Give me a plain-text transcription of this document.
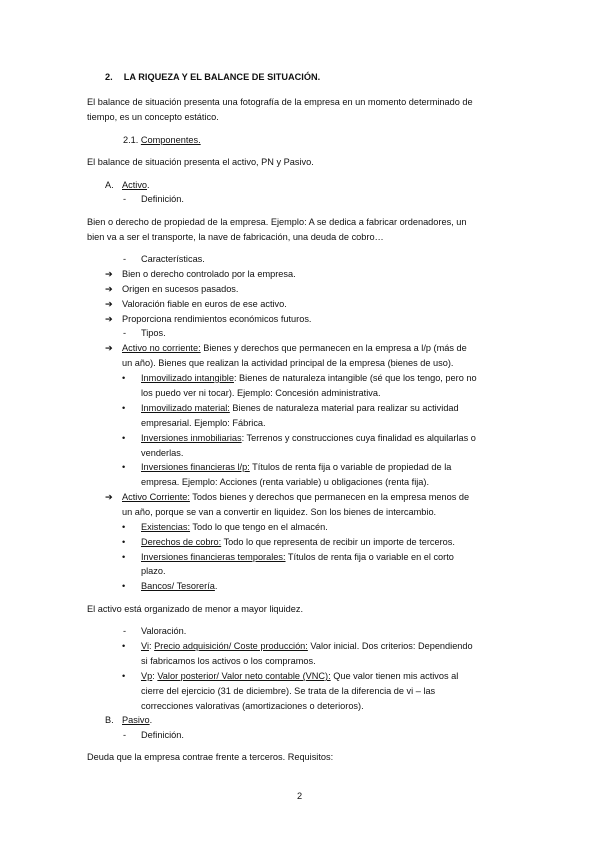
2. LA RIQUEZA Y EL BALANCE DE SITUACIÓN.
El balance de situación presenta una fotografía de la empresa en un momento determinado de
tiempo, es un concepto estático.
2.1. Componentes.
El balance de situación presenta el activo, PN y Pasivo.
A. Activo.
- Definición.
Bien o derecho de propiedad de la empresa. Ejemplo: A se dedica a fabricar ordenadores, un
bien va a ser el transporte, la nave de fabricación, una deuda de cobro…
- Características.
➔ Bien o derecho controlado por la empresa.
➔ Origen en sucesos pasados.
➔ Valoración fiable en euros de ese activo.
➔ Proporciona rendimientos económicos futuros.
- Tipos.
➔ Activo no corriente: Bienes y derechos que permanecen en la empresa a l/p (más de
un año). Bienes que realizan la actividad principal de la empresa (bienes de uso).
• Inmovilizado intangible: Bienes de naturaleza intangible (sé que los tengo, pero no
los puedo ver ni tocar). Ejemplo: Concesión administrativa.
• Inmovilizado material: Bienes de naturaleza material para realizar su actividad
empresarial. Ejemplo: Fábrica.
• Inversiones inmobiliarias: Terrenos y construcciones cuya finalidad es alquilarlas o
venderlas.
• Inversiones financieras l/p: Títulos de renta fija o variable de propiedad de la
empresa. Ejemplo: Acciones (renta variable) u obligaciones (renta fija).
➔ Activo Corriente: Todos bienes y derechos que permanecen en la empresa menos de
un año, porque se van a convertir en liquidez. Son los bienes de intercambio.
• Existencias: Todo lo que tengo en el almacén.
• Derechos de cobro: Todo lo que representa de recibir un importe de terceros.
• Inversiones financieras temporales: Títulos de renta fija o variable en el corto
plazo.
• Bancos/ Tesorería.
El activo está organizado de menor a mayor liquidez.
- Valoración.
• Vi: Precio adquisición/ Coste producción: Valor inicial. Dos criterios: Dependiendo
si fabricamos los activos o los compramos.
• Vp: Valor posterior/ Valor neto contable (VNC): Que valor tienen mis activos al
cierre del ejercicio (31 de diciembre). Se trata de la diferencia de vi – las
correcciones valorativas (amortizaciones o deterioros).
B. Pasivo.
- Definición.
Deuda que la empresa contrae frente a terceros. Requisitos:
2
